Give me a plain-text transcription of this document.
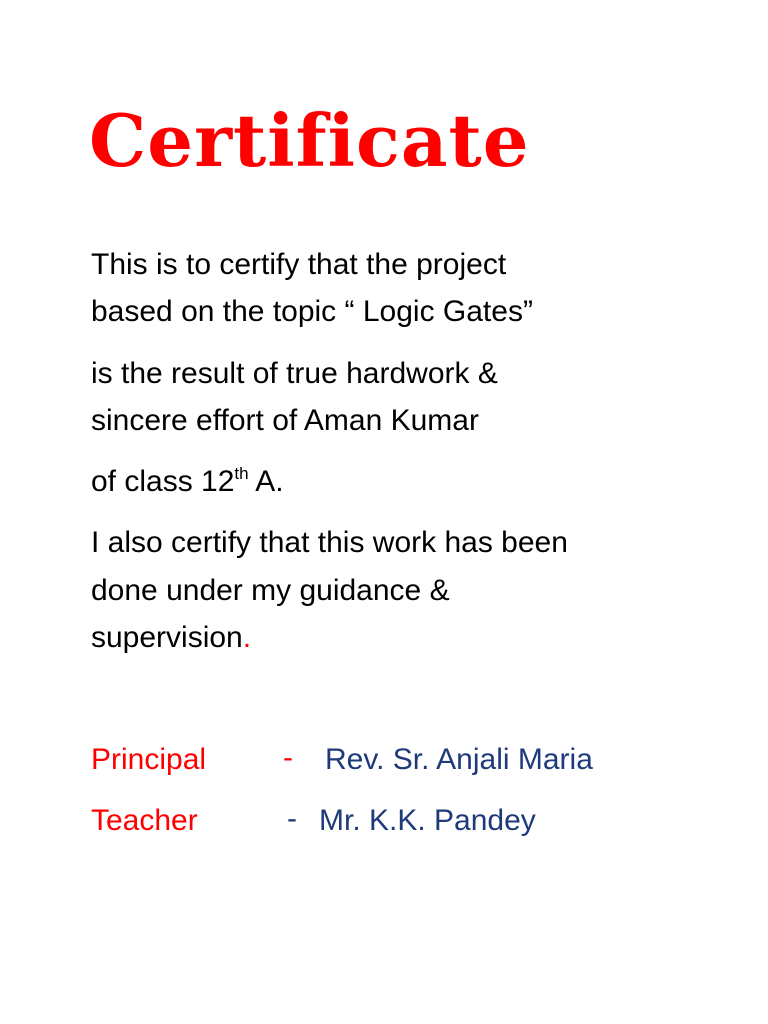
Certificate
This is to certify that the project
based on the topic “ Logic Gates”
is the result of true hardwork &
sincere effort of Aman Kumar
of class 12th A.
I also certify that this work has been
done under my guidance &
supervision.
Principal	- Rev. Sr. Anjali Maria
Teacher	- Mr. K.K. Pandey
